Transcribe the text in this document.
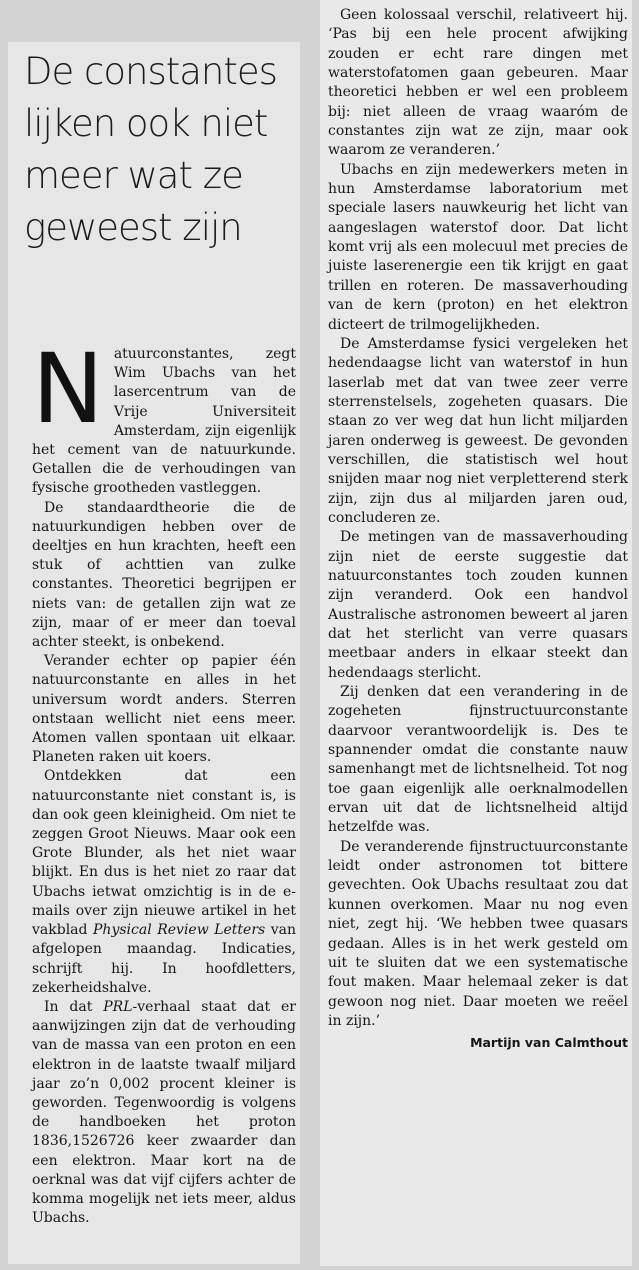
De constantes lijken ook niet meer wat ze geweest zijn

Natuurconstantes, zegt Wim Ubachs van het lasercentrum van de Vrije Universiteit Amsterdam, zijn eigenlijk het cement van de natuurkunde. Getallen die de verhoudingen van fysische grootheden vastleggen.

De standaardtheorie die de natuurkundigen hebben over de deeltjes en hun krachten, heeft een stuk of achttien van zulke constantes. Theoretici begrijpen er niets van: de getallen zijn wat ze zijn, maar of er meer dan toeval achter steekt, is onbekend.

Verander echter op papier één natuurconstante en alles in het universum wordt anders. Sterren ontstaan wellicht niet eens meer. Atomen vallen spontaan uit elkaar. Planeten raken uit koers.

Ontdekken dat een natuurconstante niet constant is, is dan ook geen kleinigheid. Om niet te zeggen Groot Nieuws. Maar ook een Grote Blunder, als het niet waar blijkt. En dus is het niet zo raar dat Ubachs ietwat omzichtig is in de e-mails over zijn nieuwe artikel in het vakblad Physical Review Letters van afgelopen maandag. Indicaties, schrijft hij. In hoofdletters, zekerheidshalve.

In dat PRL-verhaal staat dat er aanwijzingen zijn dat de verhouding van de massa van een proton en een elektron in de laatste twaalf miljard jaar zo’n 0,002 procent kleiner is geworden. Tegenwoordig is volgens de handboeken het proton 1836,1526726 keer zwaarder dan een elektron. Maar kort na de oerknal was dat vijf cijfers achter de komma mogelijk net iets meer, aldus Ubachs.

Geen kolossaal verschil, relativeert hij. ‘Pas bij een hele procent afwijking zouden er echt rare dingen met waterstofatomen gaan gebeuren. Maar theoretici hebben er wel een probleem bij: niet alleen de vraag waaróm de constantes zijn wat ze zijn, maar ook waarom ze veranderen.’

Ubachs en zijn medewerkers meten in hun Amsterdamse laboratorium met speciale lasers nauwkeurig het licht van aangeslagen waterstof door. Dat licht komt vrij als een molecuul met precies de juiste laserenergie een tik krijgt en gaat trillen en roteren. De massaverhouding van de kern (proton) en het elektron dicteert de trilmogelijkheden.

De Amsterdamse fysici vergeleken het hedendaagse licht van waterstof in hun laserlab met dat van twee zeer verre sterrenstelsels, zogeheten quasars. Die staan zo ver weg dat hun licht miljarden jaren onderweg is geweest. De gevonden verschillen, die statistisch wel hout snijden maar nog niet verpletterend sterk zijn, zijn dus al miljarden jaren oud, concluderen ze.

De metingen van de massaverhouding zijn niet de eerste suggestie dat natuurconstantes toch zouden kunnen zijn veranderd. Ook een handvol Australische astronomen beweert al jaren dat het sterlicht van verre quasars meetbaar anders in elkaar steekt dan hedendaags sterlicht.

Zij denken dat een verandering in de zogeheten fijnstructuurconstante daarvoor verantwoordelijk is. Des te spannender omdat die constante nauw samenhangt met de lichtsnelheid. Tot nog toe gaan eigenlijk alle oerknalmodellen ervan uit dat de lichtsnelheid altijd hetzelfde was.

De veranderende fijnstructuurconstante leidt onder astronomen tot bittere gevechten. Ook Ubachs resultaat zou dat kunnen overkomen. Maar nu nog even niet, zegt hij. ‘We hebben twee quasars gedaan. Alles is in het werk gesteld om uit te sluiten dat we een systematische fout maken. Maar helemaal zeker is dat gewoon nog niet. Daar moeten we reëel in zijn.’

Martijn van Calmthout
